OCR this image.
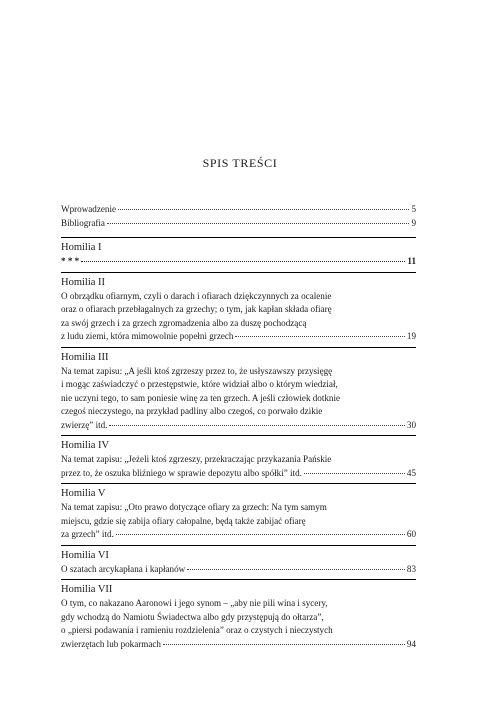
SPIS TREŚCI
Wprowadzenie	5
Bibliografia	9
Homilia I
* * *	11
Homilia II
O obrządku ofiarnym, czyli o darach i ofiarach dziękczynnych za ocalenie
oraz o ofiarach przebłagalnych za grzechy; o tym, jak kapłan składa ofiarę
za swój grzech i za grzech zgromadzenia albo za duszę pochodzącą
z ludu ziemi, która mimowolnie popełni grzech	19
Homilia III
Na temat zapisu: „A jeśli ktoś zgrzeszy przez to, że usłyszawszy przysięgę
i mogąc zaświadczyć o przestępstwie, które widział albo o którym wiedział,
nie uczyni tego, to sam poniesie winę za ten grzech. A jeśli człowiek dotknie
czegoś nieczystego, na przykład padliny albo czegoś, co porwało dzikie
zwierzę” itd.	30
Homilia IV
Na temat zapisu: „Jeżeli ktoś zgrzeszy, przekraczając przykazania Pańskie
przez to, że oszuka bliźniego w sprawie depozytu albo spółki” itd.	45
Homilia V
Na temat zapisu: „Oto prawo dotyczące ofiary za grzech: Na tym samym
miejscu, gdzie się zabija ofiary całopalne, będą także zabijać ofiarę
za grzech” itd.	60
Homilia VI
O szatach arcykapłana i kapłanów	83
Homilia VII
O tym, co nakazano Aaronowi i jego synom – „aby nie pili wina i sycery,
gdy wchodzą do Namiotu Świadectwa albo gdy przystępują do ołtarza”,
o „piersi podawania i ramieniu rozdzielenia” oraz o czystych i nieczystych
zwierzętach lub pokarmach	94
